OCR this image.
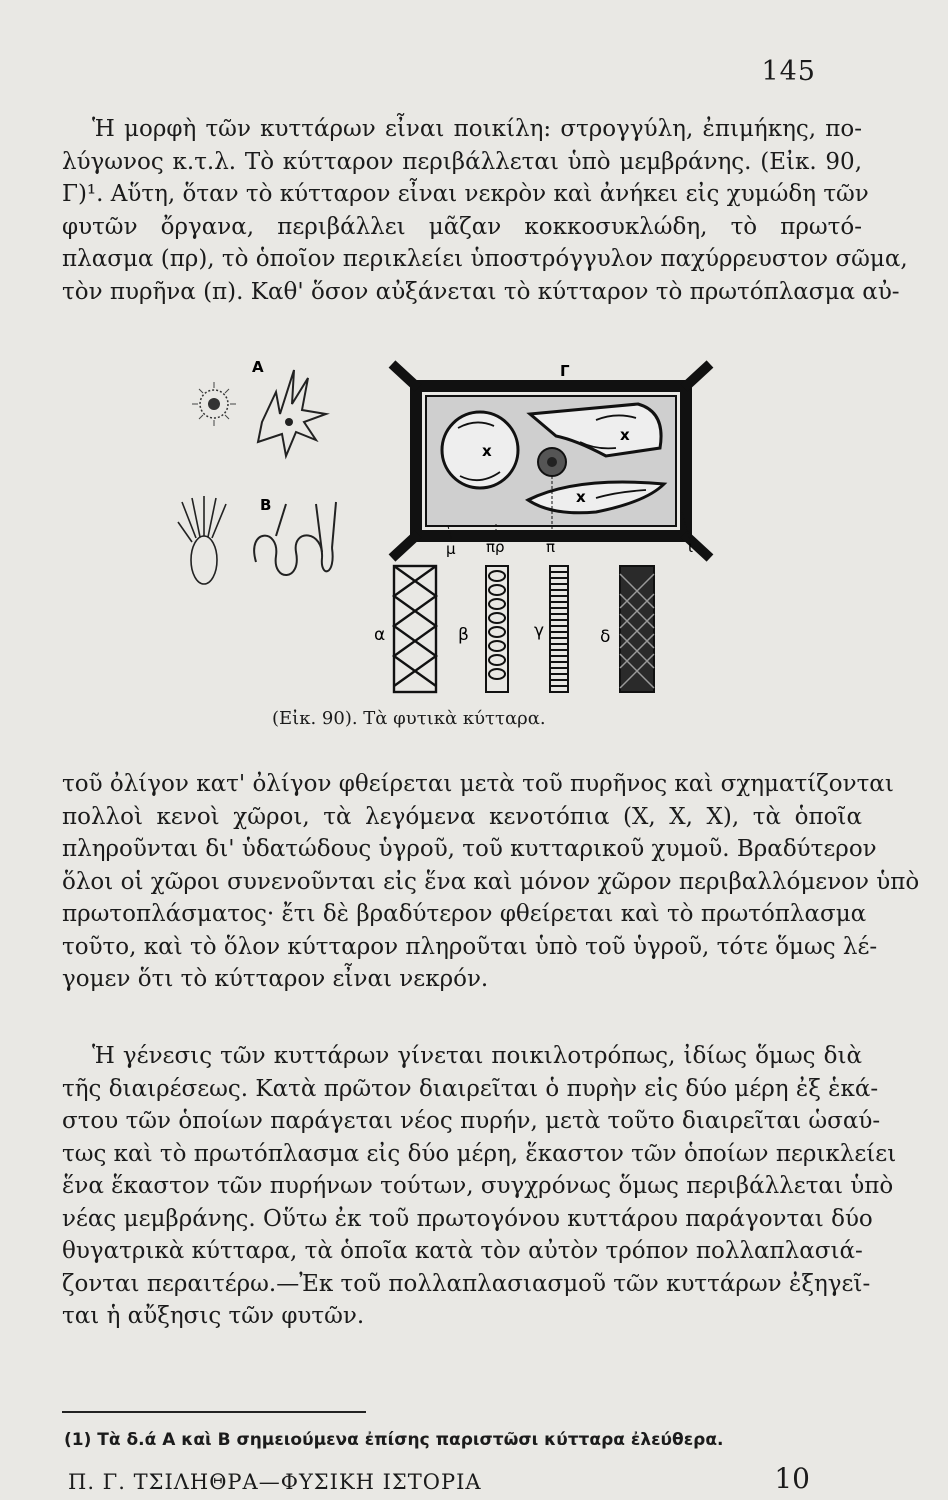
145
Ἡ μορφὴ τῶν κυττάρων εἶναι ποικίλη: στρογγύλη, ἐπιμήκης, πο-
λύγωνος κ.τ.λ. Τὸ κύτταρον περιβάλλεται ὑπὸ μεμβράνης. (Εἰκ. 90,
Γ)¹. Αὕτη, ὅταν τὸ κύτταρον εἶναι νεκρὸν καὶ ἀνήκει εἰς χυμώδη τῶν
φυτῶν ὄργανα, περιβάλλει μᾶζαν κοκκοσυκλώδη, τὸ πρωτό-
πλασμα (πρ), τὸ ὁποῖον περικλείει ὑποστρόγγυλον παχύρρευστον σῶμα,
τὸν πυρῆνα (π). Καθ' ὅσον αὐξάνεται τὸ κύτταρον τὸ πρωτόπλασμα αὐ-
Α
Β
x
x
x
Γ
μ πρ	π	ι
α	β	γ	δ
(Εἰκ. 90). Τὰ φυτικὰ κύτταρα.
τοῦ ὀλίγον κατ' ὀλίγον φθείρεται μετὰ τοῦ πυρῆνος καὶ σχηματίζονται
πολλοὶ κενοὶ χῶροι, τὰ λεγόμενα κενοτόπια (Χ, Χ, Χ), τὰ ὁποῖα
πληροῦνται δι' ὑδατώδους ὑγροῦ, τοῦ κυτταρικοῦ χυμοῦ. Βραδύτερον
ὅλοι οἱ χῶροι συνενοῦνται εἰς ἕνα καὶ μόνον χῶρον περιβαλλόμενον ὑπὸ
πρωτοπλάσματος· ἔτι δὲ βραδύτερον φθείρεται καὶ τὸ πρωτόπλασμα
τοῦτο, καὶ τὸ ὅλον κύτταρον πληροῦται ὑπὸ τοῦ ὑγροῦ, τότε ὅμως λέ-
γομεν ὅτι τὸ κύτταρον εἶναι νεκρόν.
Ἡ γένεσις τῶν κυττάρων γίνεται ποικιλοτρόπως, ἰδίως ὅμως διὰ
τῆς διαιρέσεως. Κατὰ πρῶτον διαιρεῖται ὁ πυρὴν εἰς δύο μέρη ἐξ ἑκά-
στου τῶν ὁποίων παράγεται νέος πυρήν, μετὰ τοῦτο διαιρεῖται ὡσαύ-
τως καὶ τὸ πρωτόπλασμα εἰς δύο μέρη, ἕκαστον τῶν ὁποίων περικλείει
ἕνα ἕκαστον τῶν πυρήνων τούτων, συγχρόνως ὅμως περιβάλλεται ὑπὸ
νέας μεμβράνης. Οὕτω ἐκ τοῦ πρωτογόνου κυττάρου παράγονται δύο
θυγατρικὰ κύτταρα, τὰ ὁποῖα κατὰ τὸν αὐτὸν τρόπον πολλαπλασιά-
ζονται περαιτέρω.—Ἐκ τοῦ πολλαπλασιασμοῦ τῶν κυττάρων ἐξηγεῖ-
ται ἡ αὔξησις τῶν φυτῶν.
(1) Τὰ δ.ά Α καὶ Β σημειούμενα ἐπίσης παριστῶσι κύτταρα ἐλεύθερα.
Π. Γ. ΤΣΙΛΗΘΡΑ—ΦΥΣΙΚΗ ΙΣΤΟΡΙΑ	10
